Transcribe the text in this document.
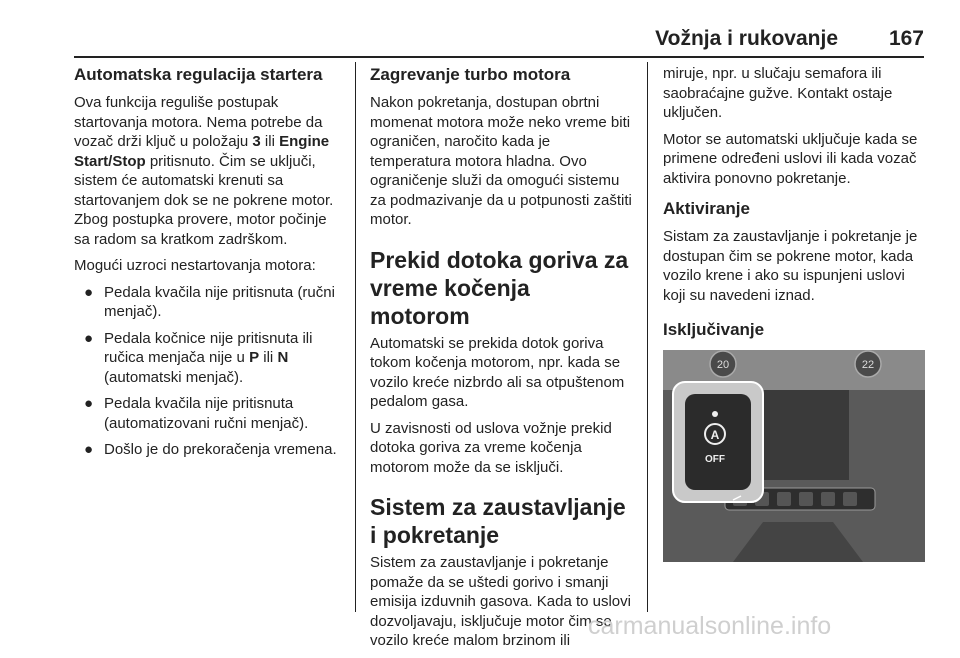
Vožnja i rukovanje 167
Automatska regulacija startera
Ova funkcija reguliše postupak startovanja motora. Nema potrebe da vozač drži ključ u položaju 3 ili Engine Start/Stop pritisnuto. Čim se uključi, sistem će automatski krenuti sa startovanjem dok se ne pokrene motor. Zbog postupka provere, motor počinje sa radom sa kratkom zadrškom.
Mogući uzroci nestartovanja motora:
● Pedala kvačila nije pritisnuta (ručni menjač).
● Pedala kočnice nije pritisnuta ili ručica menjača nije u P ili N (automatski menjač).
● Pedala kvačila nije pritisnuta (automatizovani ručni menjač).
● Došlo je do prekoračenja vremena.
Zagrevanje turbo motora
Nakon pokretanja, dostupan obrtni momenat motora može neko vreme biti ograničen, naročito kada je temperatura motora hladna. Ovo ograničenje služi da omogući sistemu za podmazivanje da u potpunosti zaštiti motor.
Prekid dotoka goriva za vreme kočenja motorom
Automatski se prekida dotok goriva tokom kočenja motorom, npr. kada se vozilo kreće nizbrdo ali sa otpuštenom pedalom gasa.
U zavisnosti od uslova vožnje prekid dotoka goriva za vreme kočenja motorom može da se isključi.
Sistem za zaustavljanje i pokretanje
Sistem za zaustavljanje i pokretanje pomaže da se uštedi gorivo i smanji emisija izduvnih gasova. Kada to uslovi dozvoljavaju, isključuje motor čim se vozilo kreće malom brzinom ili
miruje, npr. u slučaju semafora ili saobraćajne gužve. Kontakt ostaje uključen.
Motor se automatski uključuje kada se primene određeni uslovi ili kada vozač aktivira ponovno pokretanje.
Aktiviranje
Sistam za zaustavljanje i pokretanje je dostupan čim se pokrene motor, kada vozilo krene i ako su ispunjeni uslovi koji su navedeni iznad.
Isključivanje
20	22
A
OFF
carmanualsonline.info
